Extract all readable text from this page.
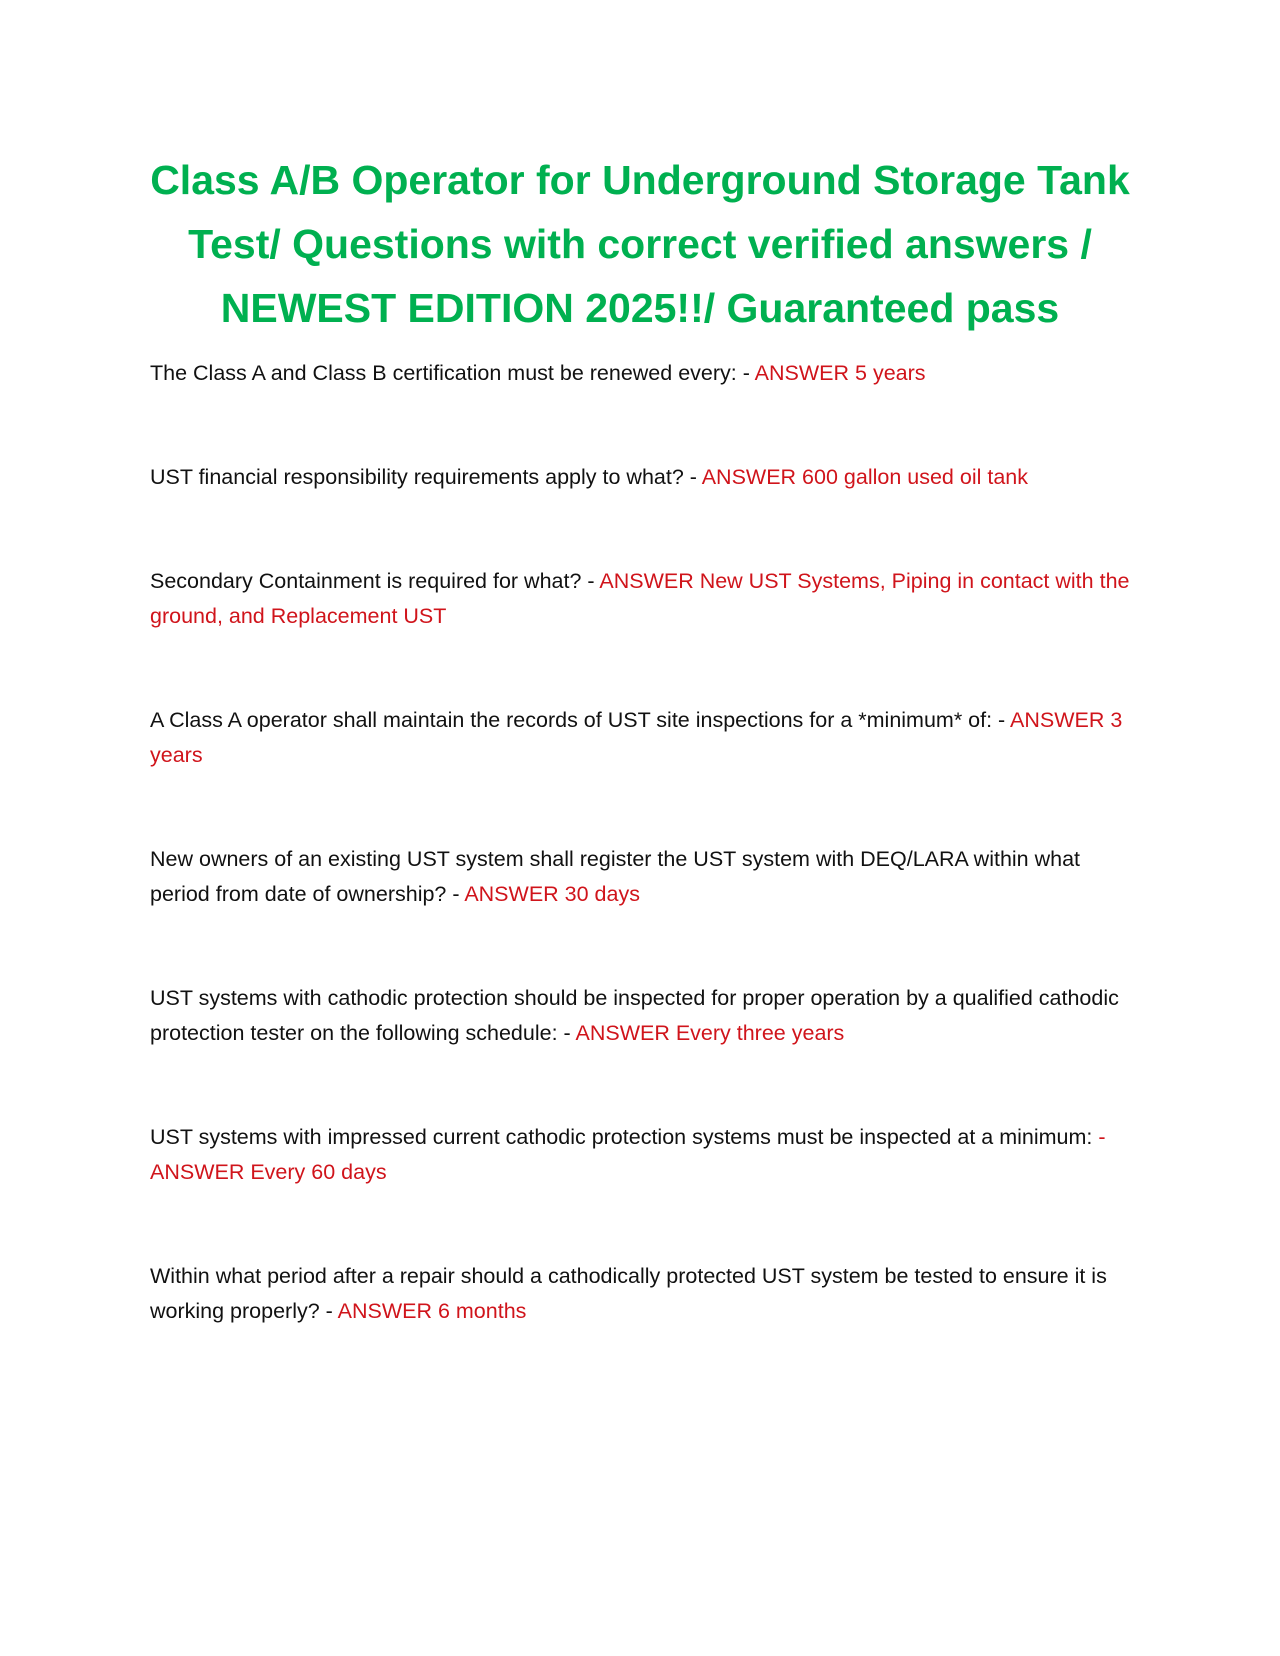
Class A/B Operator for Underground Storage Tank
Test/ Questions with correct verified answers /
NEWEST EDITION 2025!!/ Guaranteed pass

The Class A and Class B certification must be renewed every: - ANSWER 5 years

UST financial responsibility requirements apply to what? - ANSWER 600 gallon used oil tank

Secondary Containment is required for what? - ANSWER New UST Systems, Piping in contact with the ground, and Replacement UST

A Class A operator shall maintain the records of UST site inspections for a *minimum* of: - ANSWER 3 years

New owners of an existing UST system shall register the UST system with DEQ/LARA within what period from date of ownership? - ANSWER 30 days

UST systems with cathodic protection should be inspected for proper operation by a qualified cathodic protection tester on the following schedule: - ANSWER Every three years

UST systems with impressed current cathodic protection systems must be inspected at a minimum: - ANSWER Every 60 days

Within what period after a repair should a cathodically protected UST system be tested to ensure it is working properly? - ANSWER 6 months
